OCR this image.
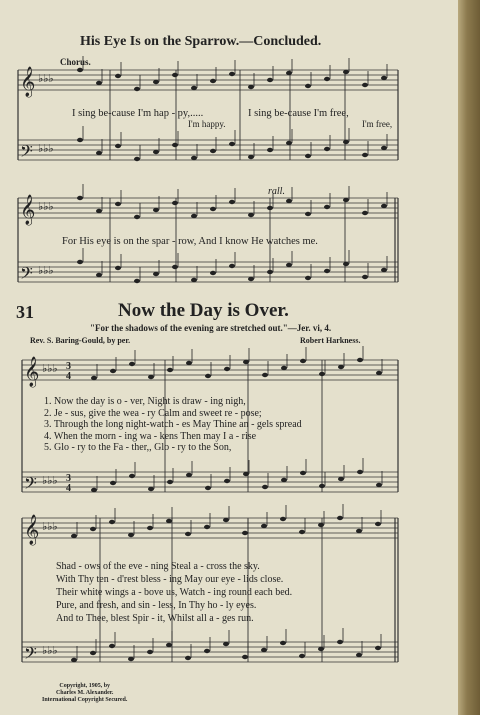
His Eye Is on the Sparrow.—Concluded.
𝄞
𝄢
𝄞
𝄢
𝄞
𝄢
𝄞
𝄢
♭♭♭
♭♭♭
♭♭♭
♭♭♭
♭♭♭
♭♭♭
♭♭♭
♭♭♭
3
4
3
4
Chorus.
rall.
I sing be-cause I'm hap - py,.....	I sing be-cause I'm free,
I'm happy.	I'm free,
For His eye is on the spar - row, And I know He watches me.
31	Now the Day is Over.
"For the shadows of the evening are stretched out."—Jer. vi, 4.
Rev. S. Baring-Gould, by per.	Robert Harkness.
1. Now the day is o - ver, Night is draw - ing nigh,
2. Je - sus, give the wea - ry Calm and sweet re - pose;
3. Through the long night-watch - es May Thine an - gels spread
4. When the morn - ing wa - kens Then may I a - rise
5. Glo - ry to the Fa - ther,, Glo - ry to the Son,
Shad - ows of the eve - ning Steal a - cross the sky.
With Thy ten - d'rest bless - ing May our eye - lids close.
Their white wings a - bove us, Watch - ing round each bed.
Pure, and fresh, and sin - less, In Thy ho - ly eyes.
And to Thee, blest Spir - it, Whilst all a - ges run.
Copyright, 1905, by
Charles M. Alexander.
International Copyright Secured.
